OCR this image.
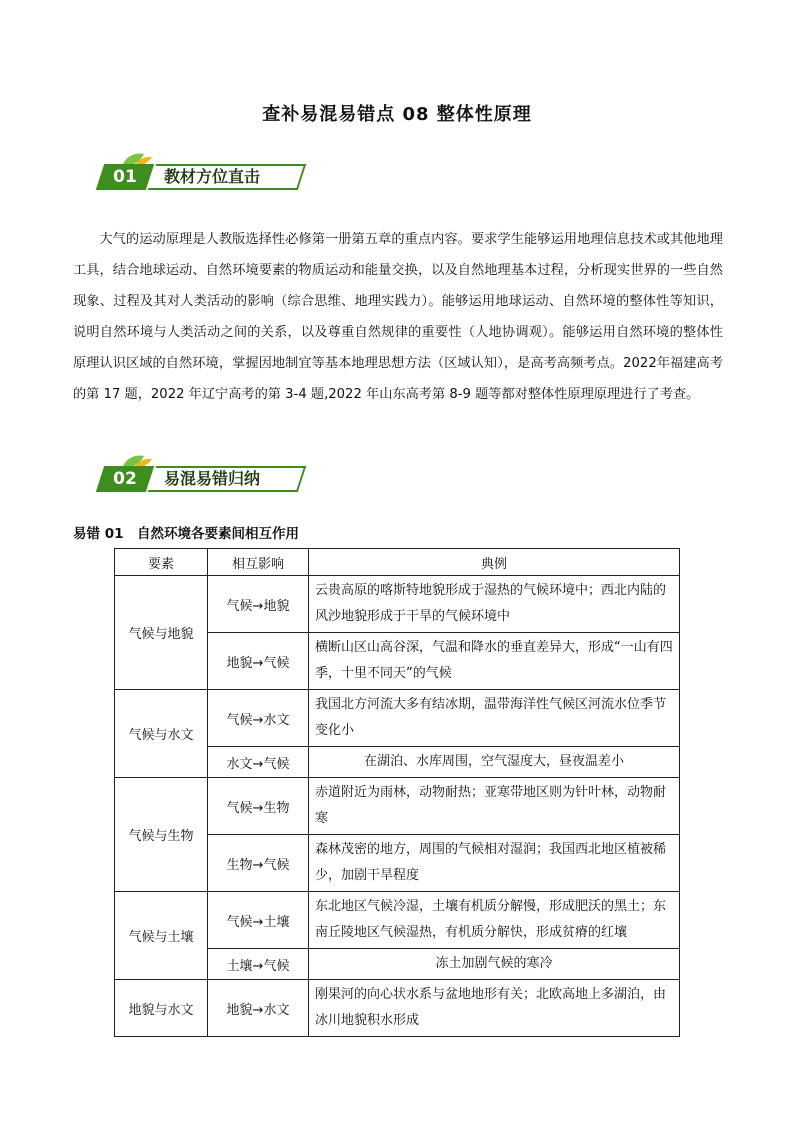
查补易混易错点 08 整体性原理
01	教材方位直击
大气的运动原理是人教版选择性必修第一册第五章的重点内容。要求学生能够运用地理信息技术或其他地理工具，结合地球运动、自然环境要素的物质运动和能量交换，以及自然地理基本过程，分析现实世界的一些自然现象、过程及其对人类活动的影响（综合思维、地理实践力）。能够运用地球运动、自然环境的整体性等知识，说明自然环境与人类活动之间的关系，以及尊重自然规律的重要性（人地协调观）。能够运用自然环境的整体性原理认识区域的自然环境，掌握因地制宜等基本地理思想方法（区域认知），是高考高频考点。2022年福建高考的第 17 题，2022 年辽宁高考的第 3-4 题,2022 年山东高考第 8-9 题等都对整体性原理原理进行了考查。
02	易混易错归纳
易错 01　自然环境各要素间相互作用
要素	相互影响	典例
气候与地貌	气候→地貌	云贵高原的喀斯特地貌形成于湿热的气候环境中；西北内陆的风沙地貌形成于干旱的气候环境中
	地貌→气候	横断山区山高谷深，气温和降水的垂直差异大，形成“一山有四季，十里不同天”的气候
气候与水文	气候→水文	我国北方河流大多有结冰期，温带海洋性气候区河流水位季节变化小
	水文→气候	在湖泊、水库周围，空气湿度大，昼夜温差小
气候与生物	气候→生物	赤道附近为雨林，动物耐热；亚寒带地区则为针叶林，动物耐寒
	生物→气候	森林茂密的地方，周围的气候相对湿润；我国西北地区植被稀少，加剧干旱程度
气候与土壤	气候→土壤	东北地区气候冷湿，土壤有机质分解慢，形成肥沃的黑土；东南丘陵地区气候湿热，有机质分解快，形成贫瘠的红壤
	土壤→气候	冻土加剧气候的寒冷
地貌与水文	地貌→水文	刚果河的向心状水系与盆地地形有关；北欧高地上多湖泊，由冰川地貌积水形成
